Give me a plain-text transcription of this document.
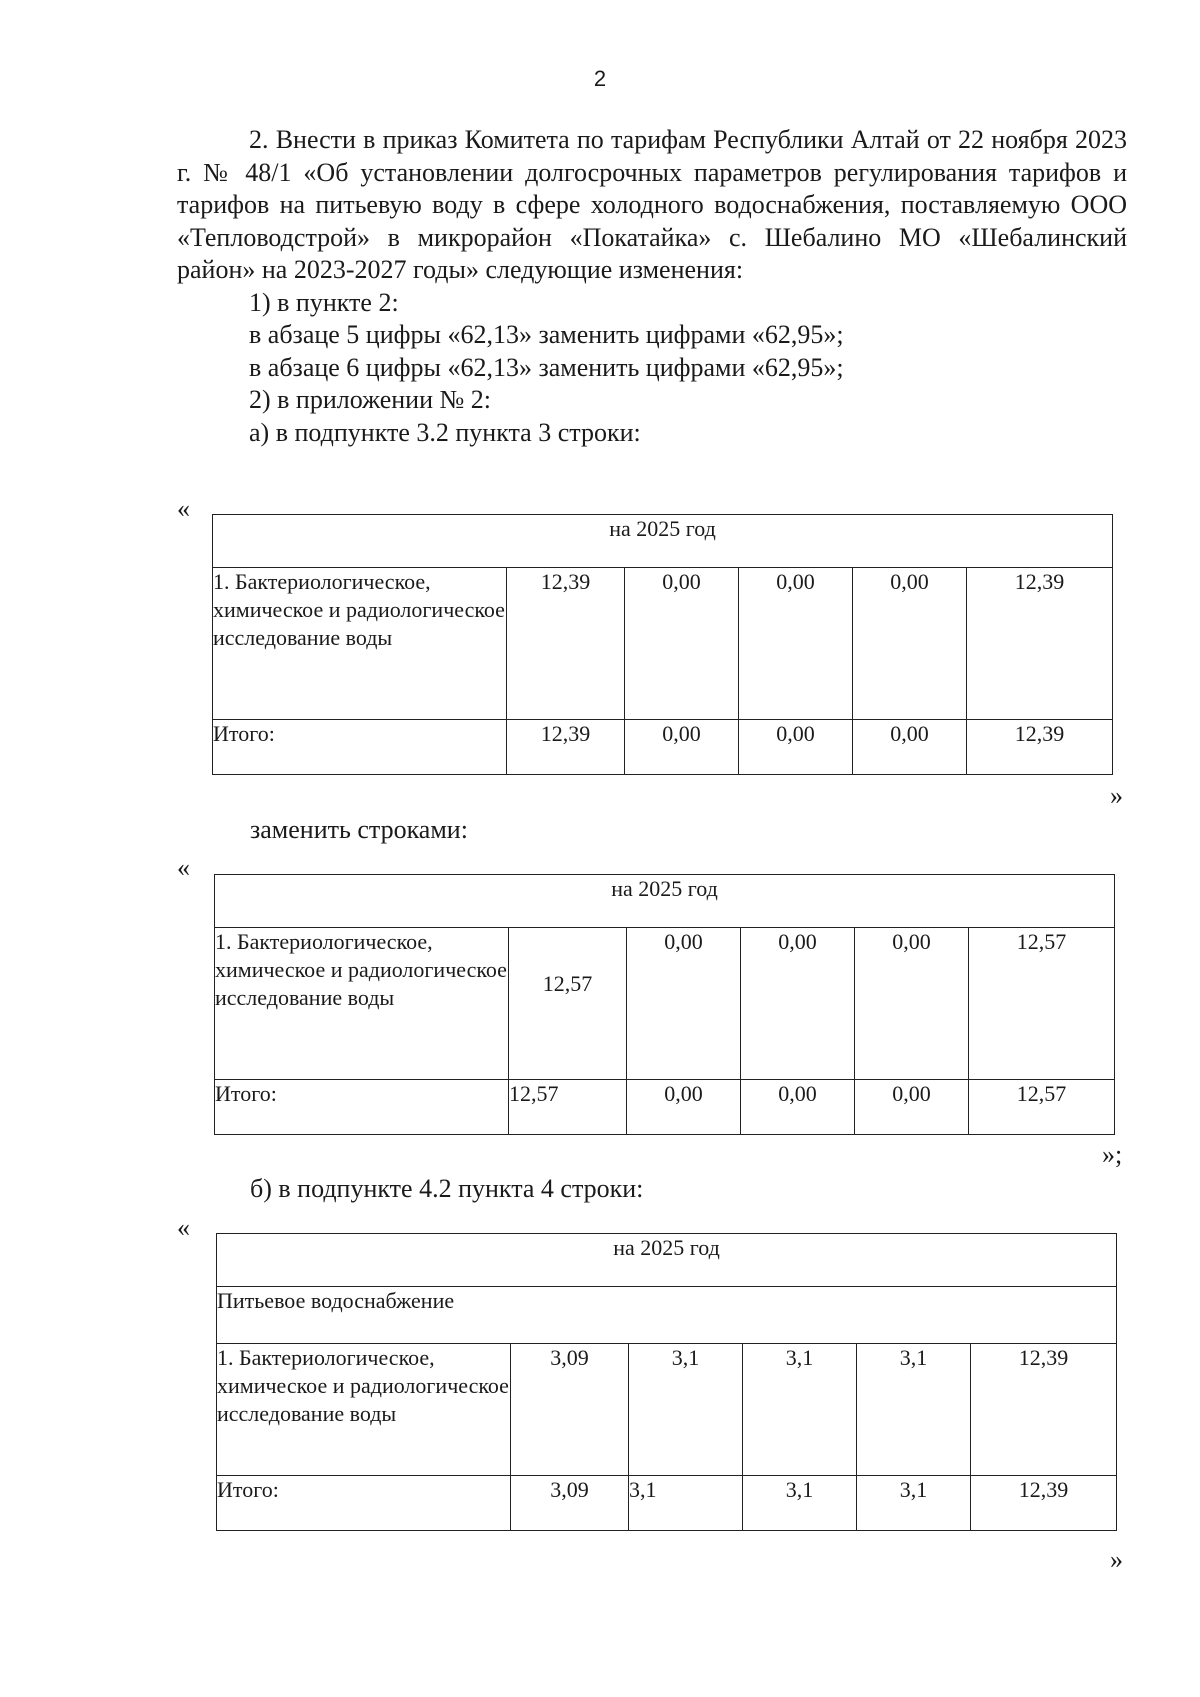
2
2. Внести в приказ Комитета по тарифам Республики Алтай от 22 ноября 2023 г. № 48/1 «Об установлении долгосрочных параметров регулирования тарифов и тарифов на питьевую воду в сфере холодного водоснабжения, поставляемую ООО «Тепловодстрой» в микрорайон «Покатайка» с. Шебалино МО «Шебалинский район» на 2023-2027 годы» следующие изменения:
1) в пункте 2:
в абзаце 5 цифры «62,13» заменить цифрами «62,95»;
в абзаце 6 цифры «62,13» заменить цифрами «62,95»;
2) в приложении № 2:
а) в подпункте 3.2 пункта 3 строки:
«
на 2025 год					
1. Бактериологическое, химическое и радиологическое исследование воды	12,39	0,00	0,00	0,00	12,39
Итого:	12,39	0,00	0,00	0,00	12,39
»
заменить строками:
«
на 2025 год					
1. Бактериологическое, химическое и радиологическое исследование воды	12,57	0,00	0,00	0,00	12,57
Итого:	12,57	0,00	0,00	0,00	12,57
»;
б) в подпункте 4.2 пункта 4 строки:
«
на 2025 год					
Питьевое водоснабжение					
1. Бактериологическое, химическое и радиологическое исследование воды	3,09	3,1	3,1	3,1	12,39
Итого:	3,09	3,1	3,1	3,1	12,39
»
